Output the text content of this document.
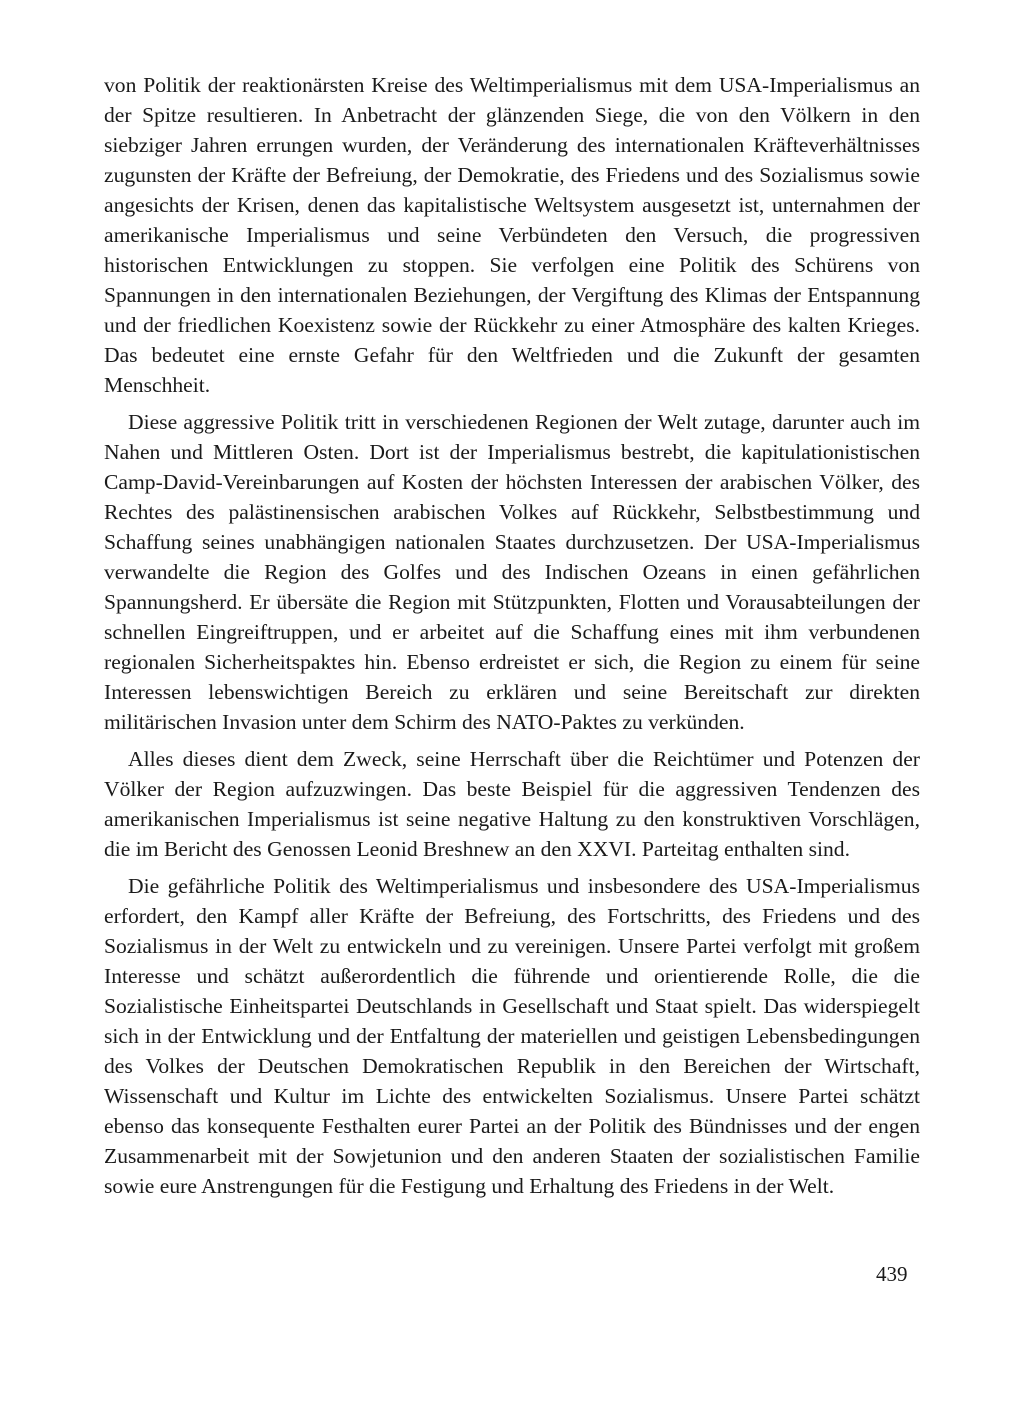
von Politik der reaktionärsten Kreise des Weltimperialismus mit dem USA-Imperialismus an der Spitze resultieren. In Anbetracht der glänzenden Siege, die von den Völkern in den siebziger Jahren errungen wurden, der Veränderung des internationalen Kräfteverhältnisses zugunsten der Kräfte der Befreiung, der Demokratie, des Friedens und des Sozialismus sowie angesichts der Krisen, denen das kapitalistische Weltsystem ausgesetzt ist, unternahmen der amerikanische Imperialismus und seine Verbündeten den Versuch, die progressiven historischen Entwicklungen zu stoppen. Sie verfolgen eine Politik des Schürens von Spannungen in den internationalen Beziehungen, der Vergiftung des Klimas der Entspannung und der friedlichen Koexistenz sowie der Rückkehr zu einer Atmosphäre des kalten Krieges. Das bedeutet eine ernste Gefahr für den Weltfrieden und die Zukunft der gesamten Menschheit.

Diese aggressive Politik tritt in verschiedenen Regionen der Welt zutage, darunter auch im Nahen und Mittleren Osten. Dort ist der Imperialismus bestrebt, die kapitulationistischen Camp-David-Vereinbarungen auf Kosten der höchsten Interessen der arabischen Völker, des Rechtes des palästinensischen arabischen Volkes auf Rückkehr, Selbstbestimmung und Schaffung seines unabhängigen nationalen Staates durchzusetzen. Der USA-Imperialismus verwandelte die Region des Golfes und des Indischen Ozeans in einen gefährlichen Spannungsherd. Er übersäte die Region mit Stützpunkten, Flotten und Vorausabteilungen der schnellen Eingreiftruppen, und er arbeitet auf die Schaffung eines mit ihm verbundenen regionalen Sicherheitspaktes hin. Ebenso erdreistet er sich, die Region zu einem für seine Interessen lebenswichtigen Bereich zu erklären und seine Bereitschaft zur direkten militärischen Invasion unter dem Schirm des NATO-Paktes zu verkünden.

Alles dieses dient dem Zweck, seine Herrschaft über die Reichtümer und Potenzen der Völker der Region aufzuzwingen. Das beste Beispiel für die aggressiven Tendenzen des amerikanischen Imperialismus ist seine negative Haltung zu den konstruktiven Vorschlägen, die im Bericht des Genossen Leonid Breshnew an den XXVI. Parteitag enthalten sind.

Die gefährliche Politik des Weltimperialismus und insbesondere des USA-Imperialismus erfordert, den Kampf aller Kräfte der Befreiung, des Fortschritts, des Friedens und des Sozialismus in der Welt zu entwickeln und zu vereinigen. Unsere Partei verfolgt mit großem Interesse und schätzt außerordentlich die führende und orientierende Rolle, die die Sozialistische Einheitspartei Deutschlands in Gesellschaft und Staat spielt. Das widerspiegelt sich in der Entwicklung und der Entfaltung der materiellen und geistigen Lebensbedingungen des Volkes der Deutschen Demokratischen Republik in den Bereichen der Wirtschaft, Wissenschaft und Kultur im Lichte des entwickelten Sozialismus. Unsere Partei schätzt ebenso das konsequente Festhalten eurer Partei an der Politik des Bündnisses und der engen Zusammenarbeit mit der Sowjetunion und den anderen Staaten der sozialistischen Familie sowie eure Anstrengungen für die Festigung und Erhaltung des Friedens in der Welt.

439
